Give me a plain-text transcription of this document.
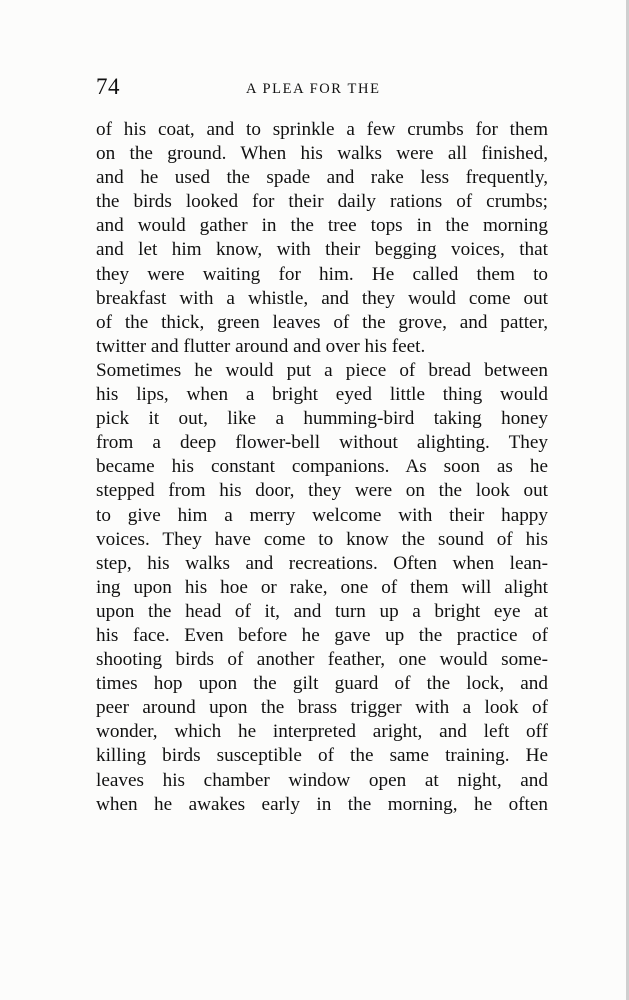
74	A PLEA FOR THE
of his coat, and to sprinkle a few crumbs for them
on the ground. When his walks were all finished,
and he used the spade and rake less frequently,
the birds looked for their daily rations of crumbs;
and would gather in the tree tops in the morning
and let him know, with their begging voices, that
they were waiting for him. He called them to
breakfast with a whistle, and they would come out
of the thick, green leaves of the grove, and patter,
twitter and flutter around and over his feet.
Sometimes he would put a piece of bread between
his lips, when a bright eyed little thing would
pick it out, like a humming-bird taking honey
from a deep flower-bell without alighting. They
became his constant companions. As soon as he
stepped from his door, they were on the look out
to give him a merry welcome with their happy
voices. They have come to know the sound of his
step, his walks and recreations. Often when lean-
ing upon his hoe or rake, one of them will alight
upon the head of it, and turn up a bright eye at
his face. Even before he gave up the practice of
shooting birds of another feather, one would some-
times hop upon the gilt guard of the lock, and
peer around upon the brass trigger with a look of
wonder, which he interpreted aright, and left off
killing birds susceptible of the same training. He
leaves his chamber window open at night, and
when he awakes early in the morning, he often
